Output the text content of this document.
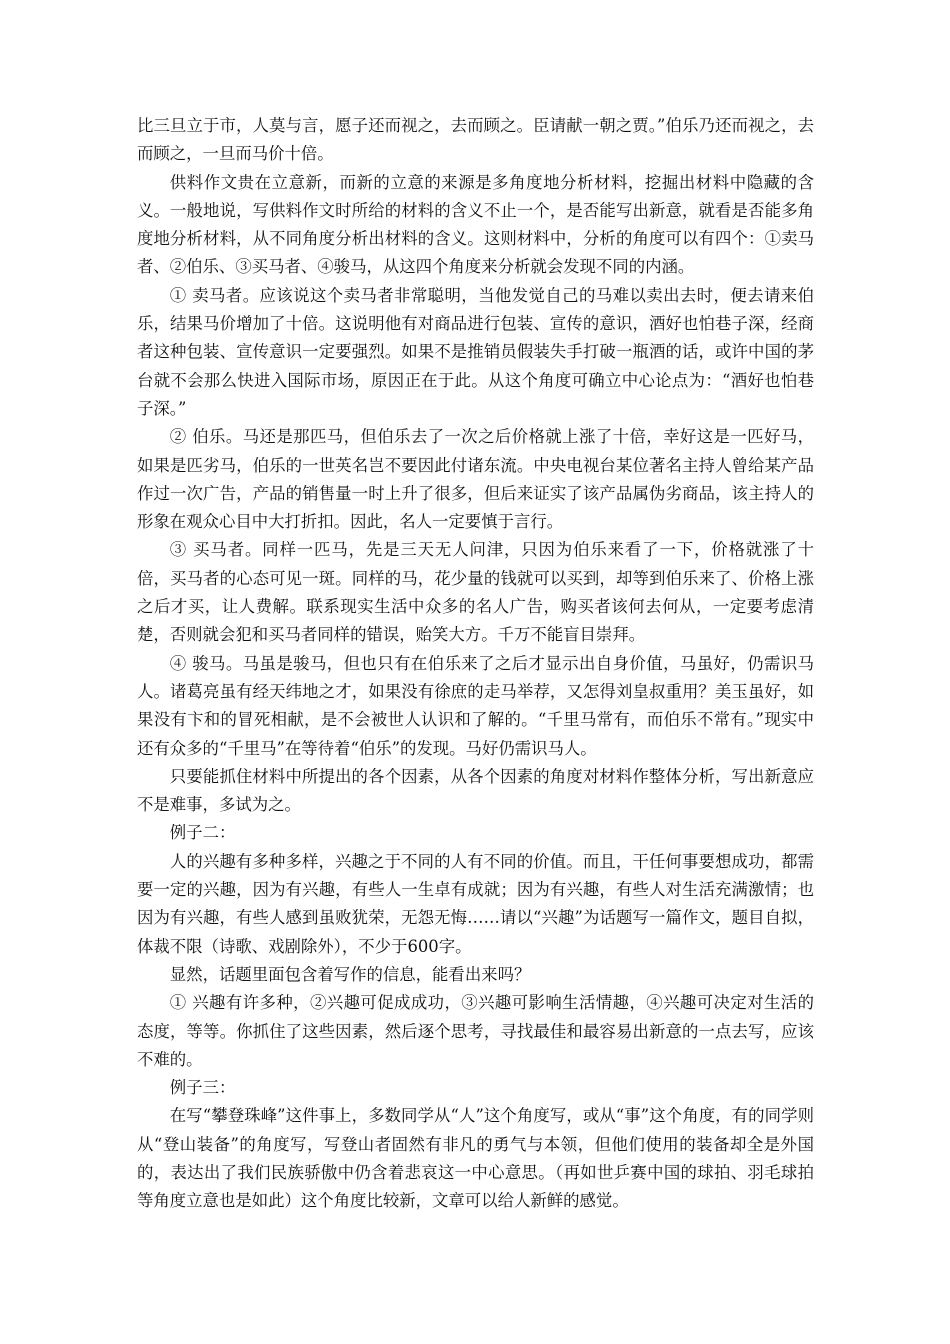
比三旦立于市，人莫与言，愿子还而视之，去而顾之。臣请献一朝之贾。”伯乐乃还而视之，去而顾之，一旦而马价十倍。

供料作文贵在立意新，而新的立意的来源是多角度地分析材料，挖掘出材料中隐藏的含义。一般地说，写供料作文时所给的材料的含义不止一个，是否能写出新意，就看是否能多角度地分析材料，从不同角度分析出材料的含义。这则材料中，分析的角度可以有四个：①卖马者、②伯乐、③买马者、④骏马，从这四个角度来分析就会发现不同的内涵。

① 卖马者。应该说这个卖马者非常聪明，当他发觉自己的马难以卖出去时，便去请来伯乐，结果马价增加了十倍。这说明他有对商品进行包装、宣传的意识，酒好也怕巷子深，经商者这种包装、宣传意识一定要强烈。如果不是推销员假装失手打破一瓶酒的话，或许中国的茅台就不会那么快进入国际市场，原因正在于此。从这个角度可确立中心论点为：“酒好也怕巷子深。”

② 伯乐。马还是那匹马，但伯乐去了一次之后价格就上涨了十倍，幸好这是一匹好马，如果是匹劣马，伯乐的一世英名岂不要因此付诸东流。中央电视台某位著名主持人曾给某产品作过一次广告，产品的销售量一时上升了很多，但后来证实了该产品属伪劣商品，该主持人的形象在观众心目中大打折扣。因此，名人一定要慎于言行。

③ 买马者。同样一匹马，先是三天无人问津，只因为伯乐来看了一下，价格就涨了十倍，买马者的心态可见一斑。同样的马，花少量的钱就可以买到，却等到伯乐来了、价格上涨之后才买，让人费解。联系现实生活中众多的名人广告，购买者该何去何从，一定要考虑清楚，否则就会犯和买马者同样的错误，贻笑大方。千万不能盲目崇拜。

④ 骏马。马虽是骏马，但也只有在伯乐来了之后才显示出自身价值，马虽好，仍需识马人。诸葛亮虽有经天纬地之才，如果没有徐庶的走马举荐，又怎得刘皇叔重用？美玉虽好，如果没有卞和的冒死相献，是不会被世人认识和了解的。“千里马常有，而伯乐不常有。”现实中还有众多的“千里马”在等待着“伯乐”的发现。马好仍需识马人。

只要能抓住材料中所提出的各个因素，从各个因素的角度对材料作整体分析，写出新意应不是难事，多试为之。

例子二：

人的兴趣有多种多样，兴趣之于不同的人有不同的价值。而且，干任何事要想成功，都需要一定的兴趣，因为有兴趣，有些人一生卓有成就；因为有兴趣，有些人对生活充满激情；也因为有兴趣，有些人感到虽败犹荣，无怨无悔……请以“兴趣”为话题写一篇作文，题目自拟，体裁不限（诗歌、戏剧除外），不少于600字。

显然，话题里面包含着写作的信息，能看出来吗？

① 兴趣有许多种，②兴趣可促成成功，③兴趣可影响生活情趣，④兴趣可决定对生活的态度，等等。你抓住了这些因素，然后逐个思考，寻找最佳和最容易出新意的一点去写，应该不难的。

例子三：

在写“攀登珠峰”这件事上，多数同学从“人”这个角度写，或从“事”这个角度，有的同学则从“登山装备”的角度写，写登山者固然有非凡的勇气与本领，但他们使用的装备却全是外国的，表达出了我们民族骄傲中仍含着悲哀这一中心意思。（再如世乒赛中国的球拍、羽毛球拍等角度立意也是如此）这个角度比较新，文章可以给人新鲜的感觉。
